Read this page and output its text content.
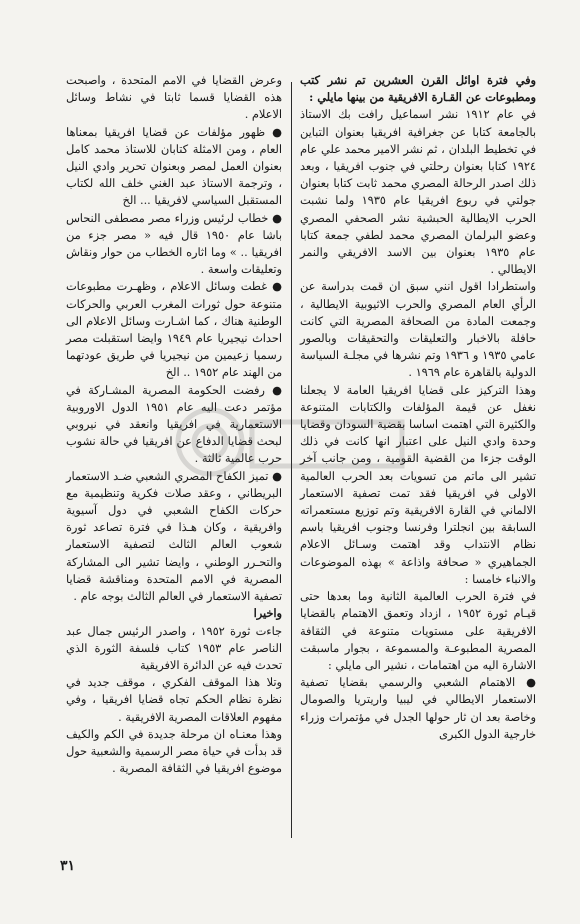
وفي فترة اوائل القرن العشرين تم نشر كتب ومطبوعات عن القـارة الافريقية من بينها مايلي :

في عام ١٩١٢ نشر اسماعيل رافت بك الاستاذ بالجامعة كتابا عن جغرافية افريقيا بعنوان التباين في تخطيط البلدان ، ثم نشر الامير محمد علي عام ١٩٢٤ كتابا بعنوان رحلتي في جنوب افريقيا ، وبعد ذلك اصدر الرحالة المصري محمد ثابت كتابا بعنوان جولتي في ربوع افريقيا عام ١٩٣٥ ولما نشبت الحرب الايطالية الحبشية نشر الصحفي المصري وعضو البرلمان المصري محمد لطفي جمعة كتابا عام ١٩٣٥ بعنوان بين الاسد الافريقي والنمر الايطالي .

واستطرادا اقول انني سبق ان قمت بدراسة عن الرأي العام المصري والحرب الاثيوبية الايطالية ، وجمعت المادة من الصحافة المصرية التي كانت حافلة بالاخبار والتعليقات والتحقيقات وبالصور عامي ١٩٣٥ و ١٩٣٦ وتم نشرها في مجلـة السياسة الدولية بالقاهرة عام ١٩٦٩ .

وهذا التركيز على قضايا افريقيا العامة لا يجعلنا نغفل عن قيمة المؤلفات والكتابات المتنوعة والكثيرة التي اهتمت اساسا بقضية السودان وقضايا وحدة وادي النيل على اعتبار انها كانت في ذلك الوقت جزءا من القضية القومية ، ومن جانب آخر تشير الى ماتم من تسويات بعد الحرب العالمية الاولى في افريقيا فقد تمت تصفية الاستعمار الالماني في القارة الافريقية وتم توزيع مستعمراته السابقة بين انجلترا وفرنسا وجنوب افريقيا باسم نظام الانتداب وقد اهتمت وسـائل الاعلام الجماهيري « صحافة واذاعة » بهذه الموضوعات والانباء خامسا :

في فترة الحرب العالمية الثانية وما بعدها حتى قيـام ثورة ١٩٥٢ ، ازداد وتعمق الاهتمام بالقضايا الافريقية على مستويات متنوعة في الثقافة المصرية المطبوعـة والمسموعة ، بجوار ماسبقت الاشارة اليه من اهتمامات ، نشير الى مايلي :

● الاهتمام الشعبي والرسمي بقضايا تصفية الاستعمار الايطالي في ليبيا واريتريا والصومال وخاصة بعد ان ثار حولها الجدل في مؤتمرات وزراء خارجية الدول الكبرى

وعرض القضايا في الامم المتحدة ، واصبحت هذه القضايا قسما ثابتا في نشاط وسائل الاعلام .

● ظهور مؤلفات عن قضايا افريقيا بمعناها العام ، ومن الامثلة كتابان للاستاذ محمد كامل بعنوان العمل لمصر وبعنوان تحرير وادي النيل ، وترجمة الاستاذ عبد الغني خلف الله لكتاب المستقبل السياسي لافريقيا ... الخ

● خطاب لرئيس وزراء مصر مصطفى النحاس باشا عام ١٩٥٠ قال فيه « مصر جزء من افريقيا .. » وما اثاره الخطاب من حوار ونقاش وتعليقات واسعة .

● غطت وسائل الاعلام ، وظهـرت مطبوعات متنوعة حول ثورات المغرب العربي والحركات الوطنية هناك ، كما اشـارت وسائل الاعلام الى احداث نيجيريا عام ١٩٤٩ وايضا استقبلت مصر رسميا زعيمين من نيجيريا في طريق عودتهما من الهند عام ١٩٥٢ .. الخ

● رفضت الحكومة المصرية المشـاركة في مؤتمر دعت اليه عام ١٩٥١ الدول الاوروبية الاستعمارية في افريقيا وانعقد في نيروبي لبحث قضايا الدفاع عن افريقيا في حالة نشوب حرب عالمية ثالثة .

● تميز الكفاح المصري الشعبي ضـد الاستعمار البريطاني ، وعقد صلات فكرية وتنظيمية مع حركات الكفاح الشعبي في دول آسيوية وافريقية ، وكان هـذا في فترة تصاعد ثورة شعوب العالم الثالث لتصفية الاستعمار والتحـرر الوطني ، وايضا تشير الى المشاركة المصرية في الامم المتحدة ومناقشة قضايا تصفية الاستعمار في العالم الثالث بوجه عام .

واخيرا

جاءت ثورة ١٩٥٢ ، واصدر الرئيس جمال عبد الناصر عام ١٩٥٣ كتاب فلسفة الثورة الذي تحدث فيه عن الدائرة الافريقية

وتلا هذا الموقف الفكري ، موقف جديد في نظرة نظام الحكم تجاه قضايا افريقيا ، وفي مفهوم العلاقات المصرية الافريقية .

وهذا معنـاه ان مرحلة جديدة في الكم والكيف قد بدأت في حياة مصر الرسمية والشعبية حول موضوع افريقيا في الثقافة المصرية .

٣١
